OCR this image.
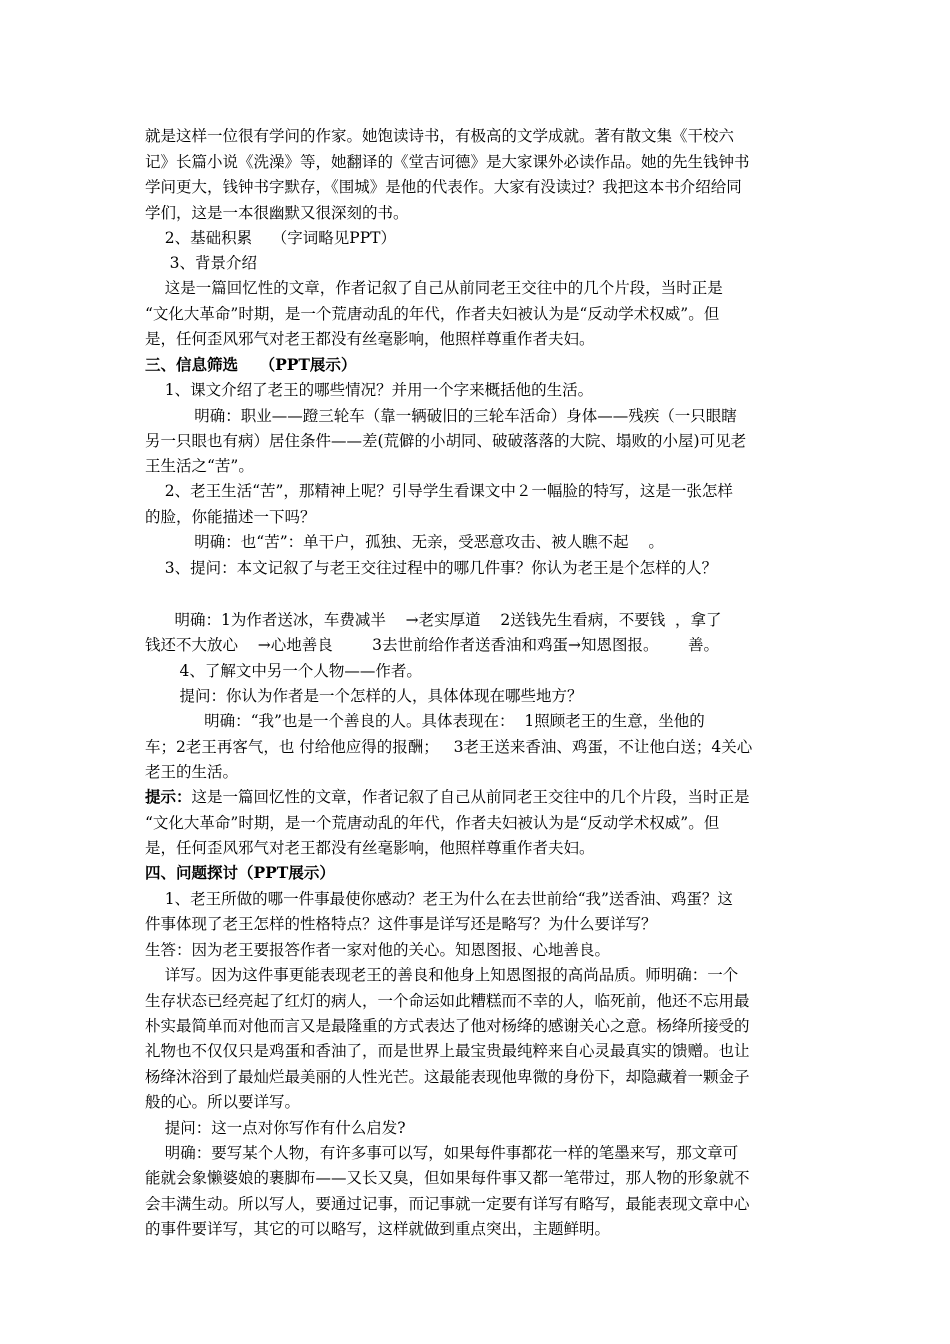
就是这样一位很有学问的作家。她饱读诗书，有极高的文学成就。著有散文集《干校六
记》长篇小说《洗澡》等，她翻译的《堂吉诃德》是大家课外必读作品。她的先生钱钟书
学问更大，钱钟书字默存，《围城》是他的代表作。大家有没读过？我把这本书介绍给同
学们，这是一本很幽默又很深刻的书。
2、基础积累    （字词略见PPT）
3、背景介绍
这是一篇回忆性的文章，作者记叙了自己从前同老王交往中的几个片段，当时正是
“文化大革命”时期，是一个荒唐动乱的年代，作者夫妇被认为是“反动学术权威”。但
是，任何歪风邪气对老王都没有丝毫影响，他照样尊重作者夫妇。
三、信息筛选    （PPT展示）
1、课文介绍了老王的哪些情况？并用一个字来概括他的生活。
明确：职业——蹬三轮车（靠一辆破旧的三轮车活命）身体——残疾（一只眼瞎
另一只眼也有病）居住条件——差(荒僻的小胡同、破破落落的大院、塌败的小屋)可见老
王生活之“苦”。
2、老王生活“苦”，那精神上呢？引导学生看课文中２一幅脸的特写，这是一张怎样
的脸，你能描述一下吗？
明确：也“苦”：单干户，孤独、无亲，受恶意攻击、被人瞧不起    。
3、提问：本文记叙了与老王交往过程中的哪几件事？你认为老王是个怎样的人？
明确：1为作者送冰，车费减半    →老实厚道    2送钱先生看病，不要钱  ，拿了
钱还不大放心    →心地善良        3去世前给作者送香油和鸡蛋→知恩图报。      善。
4、了解文中另一个人物——作者。
提问：你认为作者是一个怎样的人，具体体现在哪些地方？
明确：“我”也是一个善良的人。具体表现在：  1照顾老王的生意，坐他的
车；2老王再客气，也 付给他应得的报酬；   3老王送来香油、鸡蛋，不让他白送；4关心
老王的生活。
提示：这是一篇回忆性的文章，作者记叙了自己从前同老王交往中的几个片段，当时正是
“文化大革命”时期，是一个荒唐动乱的年代，作者夫妇被认为是“反动学术权威”。但
是，任何歪风邪气对老王都没有丝毫影响，他照样尊重作者夫妇。
四、问题探讨（PPT展示）
1、老王所做的哪一件事最使你感动？老王为什么在去世前给“我”送香油、鸡蛋？这
件事体现了老王怎样的性格特点？这件事是详写还是略写？为什么要详写？
生答：因为老王要报答作者一家对他的关心。知恩图报、心地善良。
详写。因为这件事更能表现老王的善良和他身上知恩图报的高尚品质。师明确：一个
生存状态已经亮起了红灯的病人，一个命运如此糟糕而不幸的人，临死前，他还不忘用最
朴实最简单而对他而言又是最隆重的方式表达了他对杨绛的感谢关心之意。杨绛所接受的
礼物也不仅仅只是鸡蛋和香油了，而是世界上最宝贵最纯粹来自心灵最真实的馈赠。也让
杨绛沐浴到了最灿烂最美丽的人性光芒。这最能表现他卑微的身份下，却隐藏着一颗金子
般的心。所以要详写。
提问：这一点对你写作有什么启发?
明确：要写某个人物，有许多事可以写，如果每件事都花一样的笔墨来写，那文章可
能就会象懒婆娘的裹脚布——又长又臭，但如果每件事又都一笔带过，那人物的形象就不
会丰满生动。所以写人，要通过记事，而记事就一定要有详写有略写，最能表现文章中心
的事件要详写，其它的可以略写，这样就做到重点突出，主题鲜明。
